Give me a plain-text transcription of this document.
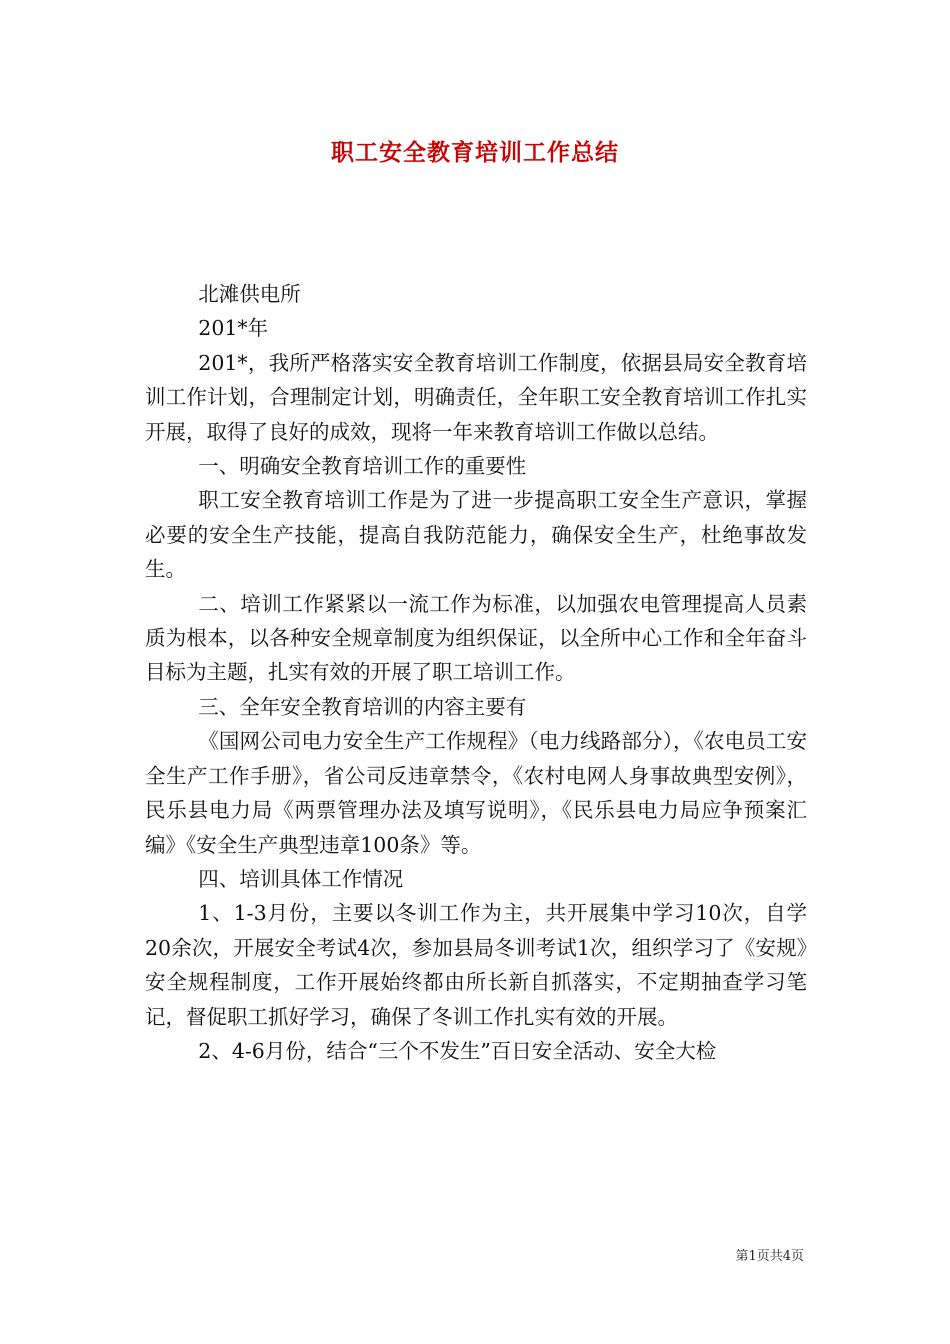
职工安全教育培训工作总结

北滩供电所

201*年

201*，我所严格落实安全教育培训工作制度，依据县局安全教育培训工作计划，合理制定计划，明确责任，全年职工安全教育培训工作扎实开展，取得了良好的成效，现将一年来教育培训工作做以总结。

一、明确安全教育培训工作的重要性

职工安全教育培训工作是为了进一步提高职工安全生产意识，掌握必要的安全生产技能，提高自我防范能力，确保安全生产，杜绝事故发生。

二、培训工作紧紧以一流工作为标准，以加强农电管理提高人员素质为根本，以各种安全规章制度为组织保证，以全所中心工作和全年奋斗目标为主题，扎实有效的开展了职工培训工作。

三、全年安全教育培训的内容主要有

《国网公司电力安全生产工作规程》（电力线路部分），《农电员工安全生产工作手册》，省公司反违章禁令，《农村电网人身事故典型安例》，民乐县电力局《两票管理办法及填写说明》，《民乐县电力局应争预案汇编》《安全生产典型违章100条》等。

四、培训具体工作情况

1、1-3月份，主要以冬训工作为主，共开展集中学习10次，自学20余次，开展安全考试4次，参加县局冬训考试1次，组织学习了《安规》安全规程制度，工作开展始终都由所长新自抓落实，不定期抽查学习笔记，督促职工抓好学习，确保了冬训工作扎实有效的开展。

2、4-6月份，结合“三个不发生”百日安全活动、安全大检

第1页共4页
